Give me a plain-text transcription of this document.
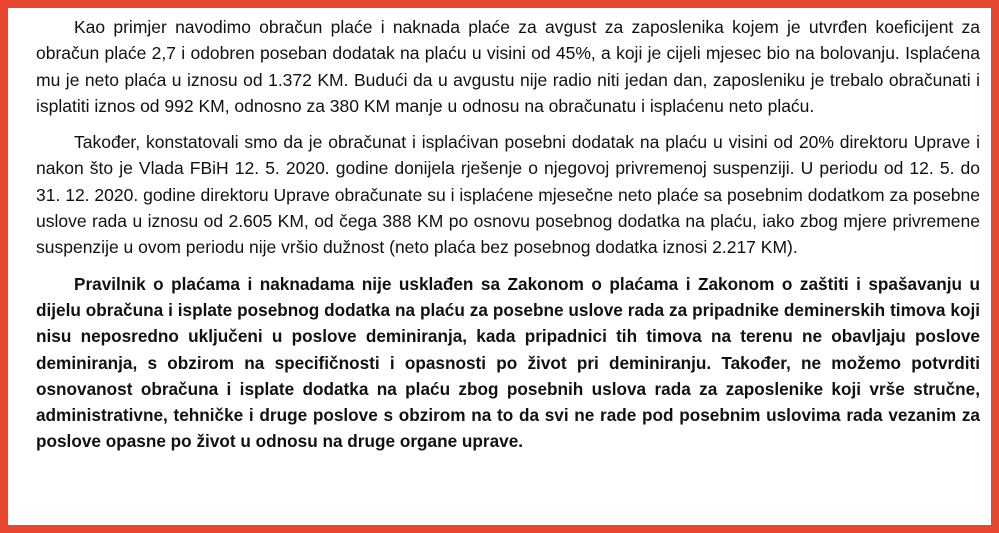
Kao primjer navodimo obračun plaće i naknada plaće za avgust za zaposlenika kojem je utvrđen koeficijent za obračun plaće 2,7 i odobren poseban dodatak na plaću u visini od 45%, a koji je cijeli mjesec bio na bolovanju. Isplaćena mu je neto plaća u iznosu od 1.372 KM. Budući da u avgustu nije radio niti jedan dan, zaposleniku je trebalo obračunati i isplatiti iznos od 992 KM, odnosno za 380 KM manje u odnosu na obračunatu i isplaćenu neto plaću.

Također, konstatovali smo da je obračunat i isplaćivan posebni dodatak na plaću u visini od 20% direktoru Uprave i nakon što je Vlada FBiH 12. 5. 2020. godine donijela rješenje o njegovoj privremenoj suspenziji. U periodu od 12. 5. do 31. 12. 2020. godine direktoru Uprave obračunate su i isplaćene mjesečne neto plaće sa posebnim dodatkom za posebne uslove rada u iznosu od 2.605 KM, od čega 388 KM po osnovu posebnog dodatka na plaću, iako zbog mjere privremene suspenzije u ovom periodu nije vršio dužnost (neto plaća bez posebnog dodatka iznosi 2.217 KM).

Pravilnik o plaćama i naknadama nije usklađen sa Zakonom o plaćama i Zakonom o zaštiti i spašavanju u dijelu obračuna i isplate posebnog dodatka na plaću za posebne uslove rada za pripadnike deminerskih timova koji nisu neposredno uključeni u poslove deminiranja, kada pripadnici tih timova na terenu ne obavljaju poslove deminiranja, s obzirom na specifičnosti i opasnosti po život pri deminiranju. Također, ne možemo potvrditi osnovanost obračuna i isplate dodatka na plaću zbog posebnih uslova rada za zaposlenike koji vrše stručne, administrativne, tehničke i druge poslove s obzirom na to da svi ne rade pod posebnim uslovima rada vezanim za poslove opasne po život u odnosu na druge organe uprave.
